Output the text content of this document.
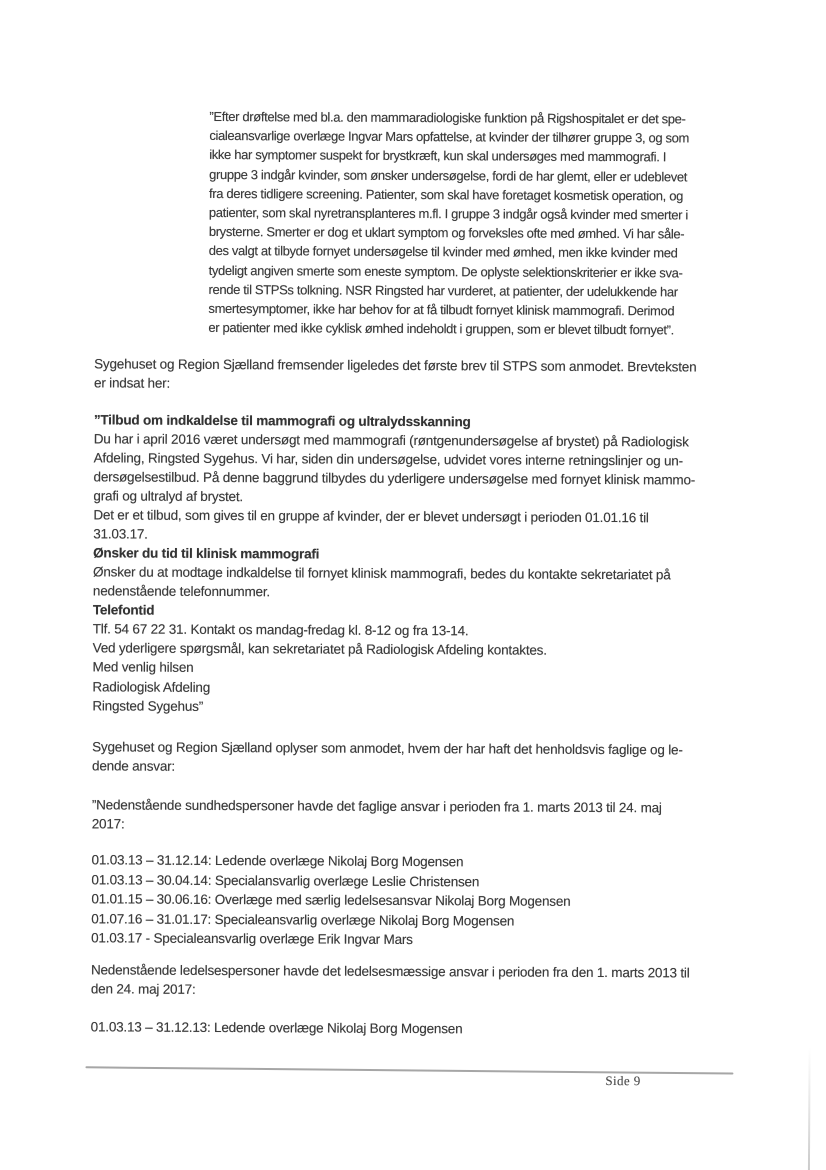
”Efter drøftelse med bl.a. den mammaradiologiske funktion på Rigshospitalet er det spe-
cialeansvarlige overlæge Ingvar Mars opfattelse, at kvinder der tilhører gruppe 3, og som
ikke har symptomer suspekt for brystkræft, kun skal undersøges med mammografi. I
gruppe 3 indgår kvinder, som ønsker undersøgelse, fordi de har glemt, eller er udeblevet
fra deres tidligere screening. Patienter, som skal have foretaget kosmetisk operation, og
patienter, som skal nyretransplanteres m.fl. I gruppe 3 indgår også kvinder med smerter i
brysterne. Smerter er dog et uklart symptom og forveksles ofte med ømhed. Vi har såle-
des valgt at tilbyde fornyet undersøgelse til kvinder med ømhed, men ikke kvinder med
tydeligt angiven smerte som eneste symptom. De oplyste selektionskriterier er ikke sva-
rende til STPSs tolkning. NSR Ringsted har vurderet, at patienter, der udelukkende har
smertesymptomer, ikke har behov for at få tilbudt fornyet klinisk mammografi. Derimod
er patienter med ikke cyklisk ømhed indeholdt i gruppen, som er blevet tilbudt fornyet”.
Sygehuset og Region Sjælland fremsender ligeledes det første brev til STPS som anmodet. Brevteksten
er indsat her:
”Tilbud om indkaldelse til mammografi og ultralydsskanning
Du har i april 2016 været undersøgt med mammografi (røntgenundersøgelse af brystet) på Radiologisk
Afdeling, Ringsted Sygehus. Vi har, siden din undersøgelse, udvidet vores interne retningslinjer og un-
dersøgelsestilbud. På denne baggrund tilbydes du yderligere undersøgelse med fornyet klinisk mammo-
grafi og ultralyd af brystet.
Det er et tilbud, som gives til en gruppe af kvinder, der er blevet undersøgt i perioden 01.01.16 til
31.03.17.
Ønsker du tid til klinisk mammografi
Ønsker du at modtage indkaldelse til fornyet klinisk mammografi, bedes du kontakte sekretariatet på
nedenstående telefonnummer.
Telefontid
Tlf. 54 67 22 31. Kontakt os mandag-fredag kl. 8-12 og fra 13-14.
Ved yderligere spørgsmål, kan sekretariatet på Radiologisk Afdeling kontaktes.
Med venlig hilsen
Radiologisk Afdeling
Ringsted Sygehus”
Sygehuset og Region Sjælland oplyser som anmodet, hvem der har haft det henholdsvis faglige og le-
dende ansvar:
”Nedenstående sundhedspersoner havde det faglige ansvar i perioden fra 1. marts 2013 til 24. maj
2017:
01.03.13 – 31.12.14: Ledende overlæge Nikolaj Borg Mogensen
01.03.13 – 30.04.14: Specialansvarlig overlæge Leslie Christensen
01.01.15 – 30.06.16: Overlæge med særlig ledelsesansvar Nikolaj Borg Mogensen
01.07.16 – 31.01.17: Specialeansvarlig overlæge Nikolaj Borg Mogensen
01.03.17 - Specialeansvarlig overlæge Erik Ingvar Mars
Nedenstående ledelsespersoner havde det ledelsesmæssige ansvar i perioden fra den 1. marts 2013 til
den 24. maj 2017:
01.03.13 – 31.12.13: Ledende overlæge Nikolaj Borg Mogensen
Side 9
